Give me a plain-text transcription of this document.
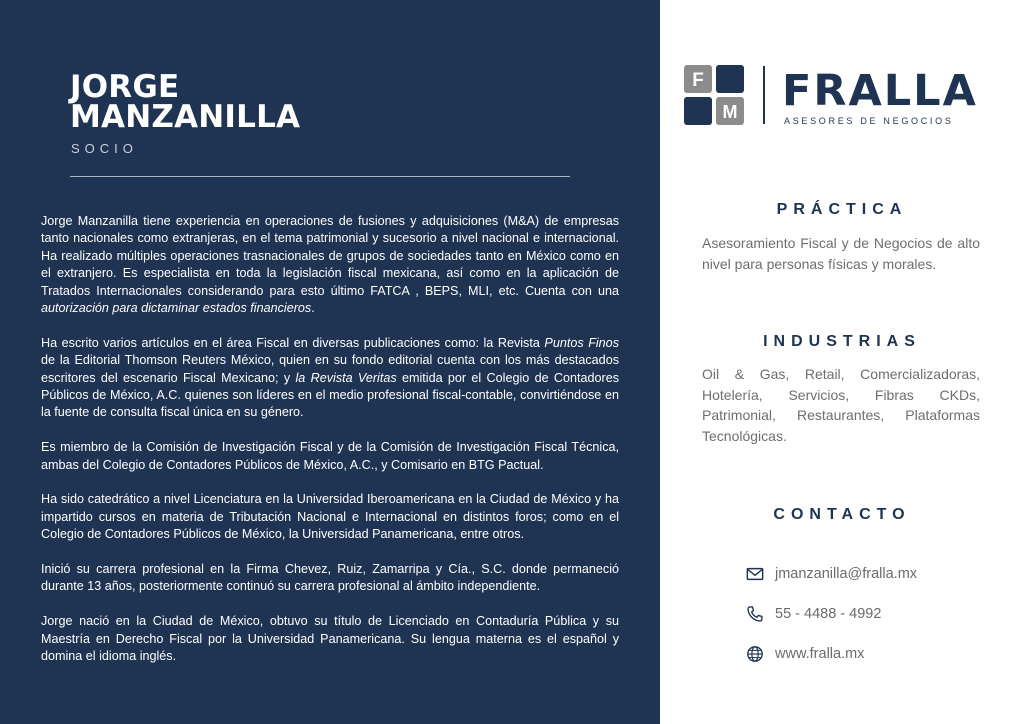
JORGE
MANZANILLA
SOCIO

Jorge Manzanilla tiene experiencia en operaciones de fusiones y adquisiciones (M&A) de empresas tanto nacionales como extranjeras, en el tema patrimonial y sucesorio a nivel nacional e internacional. Ha realizado múltiples operaciones trasnacionales de grupos de sociedades tanto en México como en el extranjero. Es especialista en toda la legislación fiscal mexicana, así como en la aplicación de Tratados Internacionales considerando para esto último FATCA , BEPS, MLI, etc. Cuenta con una autorización para dictaminar estados financieros.

Ha escrito varios artículos en el área Fiscal en diversas publicaciones como: la Revista Puntos Finos de la Editorial Thomson Reuters México, quien en su fondo editorial cuenta con los más destacados escritores del escenario Fiscal Mexicano; y la Revista Veritas emitida por el Colegio de Contadores Públicos de México, A.C. quienes son líderes en el medio profesional fiscal-contable, convirtiéndose en la fuente de consulta fiscal única en su género.

Es miembro de la Comisión de Investigación Fiscal y de la Comisión de Investigación Fiscal Técnica, ambas del Colegio de Contadores Públicos de México, A.C., y Comisario en BTG Pactual.

Ha sido catedrático a nivel Licenciatura en la Universidad Iberoamericana en la Ciudad de México y ha impartido cursos en materia de Tributación Nacional e Internacional en distintos foros; como en el Colegio de Contadores Públicos de México, la Universidad Panamericana, entre otros.

Inició su carrera profesional en la Firma Chevez, Ruiz, Zamarripa y Cía., S.C. donde permaneció durante 13 años, posteriormente continuó su carrera profesional al ámbito independiente.

Jorge nació en la Ciudad de México, obtuvo su título de Licenciado en Contaduría Pública y su Maestría en Derecho Fiscal por la Universidad Panamericana. Su lengua materna es el español y domina el idioma inglés.

F
M FRALLA
ASESORES DE NEGOCIOS
PRÁCTICA
Asesoramiento Fiscal y de Negocios de alto nivel para personas físicas y morales.
INDUSTRIAS
Oil & Gas, Retail, Comercializadoras, Hotelería, Servicios, Fibras CKDs, Patrimonial, Restaurantes, Plataformas Tecnológicas.
CONTACTO
jmanzanilla@fralla.mx
55 - 4488 - 4992
www.fralla.mx
